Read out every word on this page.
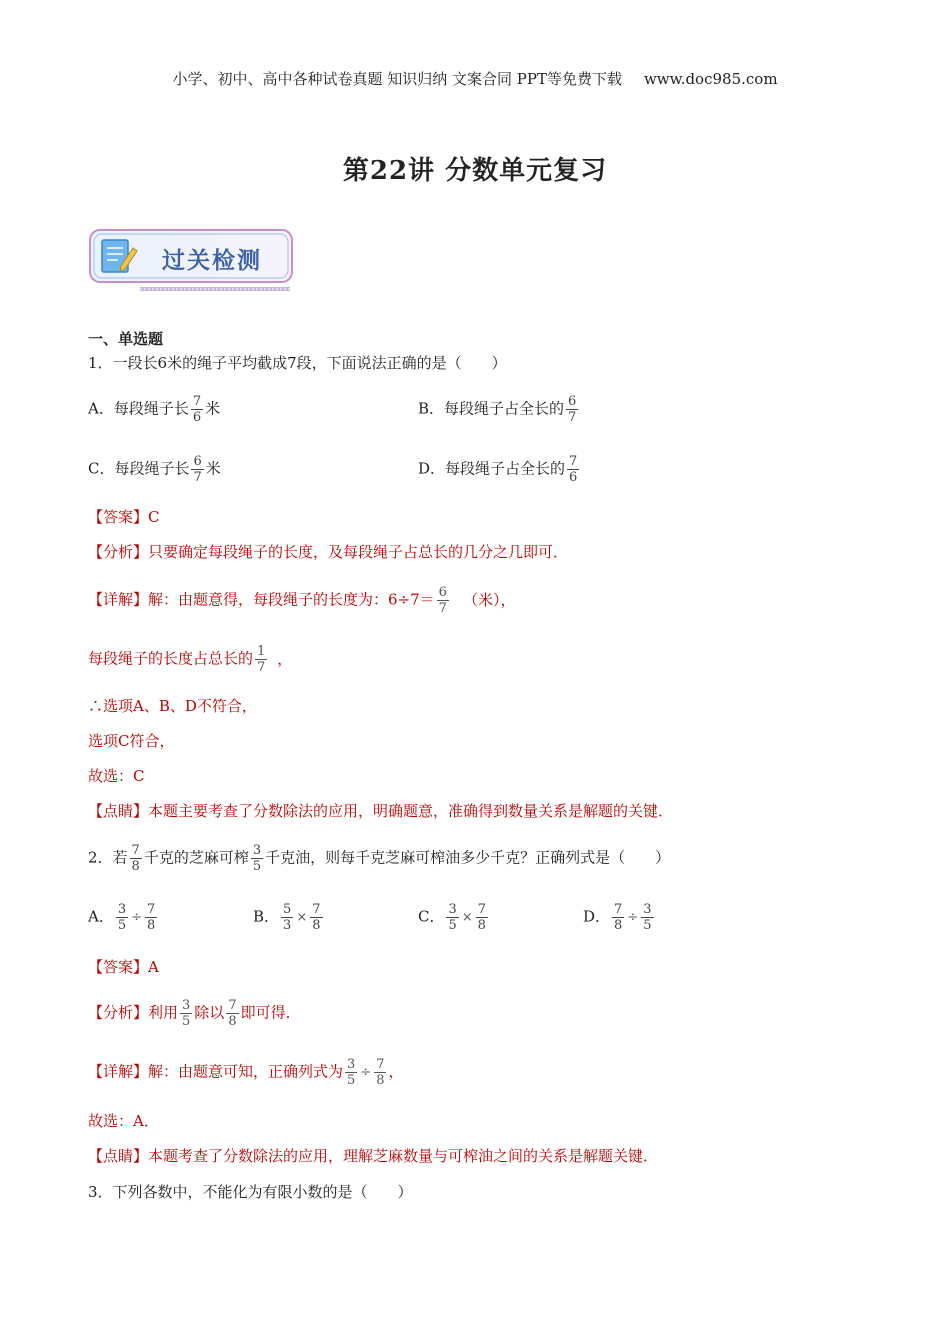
小学、初中、高中各种试卷真题 知识归纳 文案合同 PPT等免费下载 www.doc985.com
第22讲 分数单元复习
过关检测
一、单选题
1．一段长6米的绳子平均截成7段，下面说法正确的是（　　）
A．每段绳子长 $\frac{7}{6}$ 米	B．每段绳子占全长的 $\frac{6}{7}$
C．每段绳子长 $\frac{6}{7}$ 米	D．每段绳子占全长的 $\frac{7}{6}$
【答案】C
【分析】只要确定每段绳子的长度，及每段绳子占总长的几分之几即可．
【详解】解：由题意得，每段绳子的长度为：$6\div 7= \frac{6}{7}$ （米），
每段绳子的长度占总长的 $\frac{1}{7}$ ，
∴选项A、B、D不符合，
选项C符合，
故选：C
【点睛】本题主要考查了分数除法的应用，明确题意，准确得到数量关系是解题的关键．
2．若 $\frac{7}{8}$ 千克的芝麻可榨 $\frac{3}{5}$ 千克油，则每千克芝麻可榨油多少千克？正确列式是（　　）
A． $\frac{3}{5} \div \frac{7}{8}$	B． $\frac{5}{3} \times \frac{7}{8}$	C． $\frac{3}{5} \times \frac{7}{8}$	D． $\frac{7}{8} \div \frac{3}{5}$
【答案】A
【分析】利用 $\frac{3}{5}$ 除以 $\frac{7}{8}$ 即可得．
【详解】解：由题意可知，正确列式为 $\frac{3}{5} \div \frac{7}{8}$ ，
故选：A．
【点睛】本题考查了分数除法的应用，理解芝麻数量与可榨油之间的关系是解题关键．
3．下列各数中，不能化为有限小数的是（　　）
